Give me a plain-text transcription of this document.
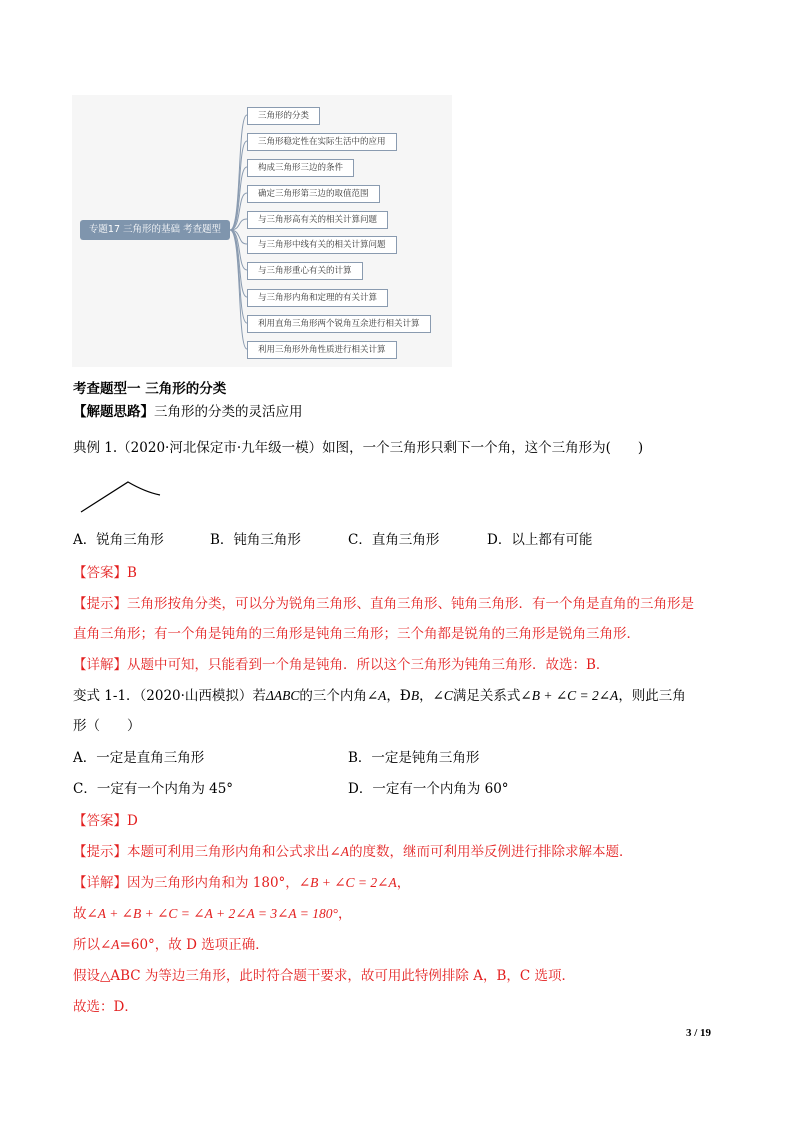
专题17 三角形的基础 考查题型
三角形的分类
三角形稳定性在实际生活中的应用
构成三角形三边的条件
确定三角形第三边的取值范围
与三角形高有关的相关计算问题
与三角形中线有关的相关计算问题
与三角形重心有关的计算
与三角形内角和定理的有关计算
利用直角三角形两个锐角互余进行相关计算
利用三角形外角性质进行相关计算
考查题型一 三角形的分类
【解题思路】三角形的分类的灵活应用
典例 1.（2020·河北保定市·九年级一模）如图，一个三角形只剩下一个角，这个三角形为(　　)
A．锐角三角形	B．钝角三角形	C．直角三角形	D．以上都有可能
【答案】B
【提示】三角形按角分类，可以分为锐角三角形、直角三角形、钝角三角形．有一个角是直角的三角形是
直角三角形；有一个角是钝角的三角形是钝角三角形；三个角都是锐角的三角形是锐角三角形．
【详解】从题中可知，只能看到一个角是钝角．所以这个三角形为钝角三角形．故选：B．
变式 1-1．（2020·山西模拟）若ΔABC的三个内角∠A，ÐB，∠C满足关系式∠B + ∠C = 2∠A，则此三角
形（　　）
A．一定是直角三角形	B．一定是钝角三角形
C．一定有一个内角为 45°	D．一定有一个内角为 60°
【答案】D
【提示】本题可利用三角形内角和公式求出∠A的度数，继而可利用举反例进行排除求解本题．
【详解】因为三角形内角和为 180°，∠B + ∠C = 2∠A，
故∠A + ∠B + ∠C = ∠A + 2∠A = 3∠A = 180°，
所以∠A=60°，故 D 选项正确．
假设△ABC 为等边三角形，此时符合题干要求，故可用此特例排除 A，B，C 选项．
故选：D．
3 / 19
